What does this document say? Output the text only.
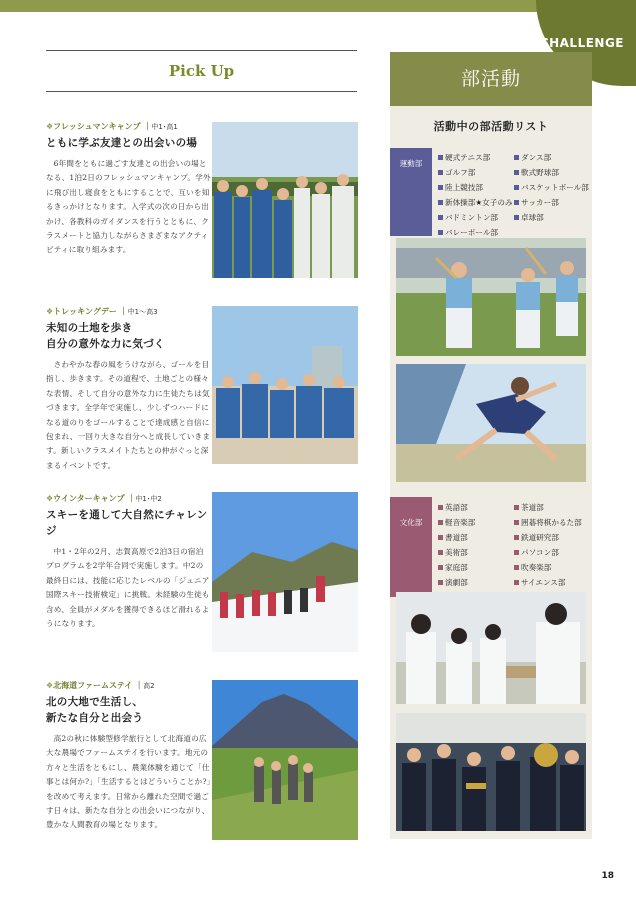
CHALLENGE
Pick Up
❖フレッシュマンキャンプ ｜中1･高1
ともに学ぶ友達との出会いの場
6年間をともに過ごす友達との出会いの場となる、1泊2日のフレッシュマンキャンプ。学外に飛び出し寝食をともにすることで、互いを知るきっかけとなります。入学式の次の日から出かけ、各教科のガイダンスを行うとともに、クラスメートと協力しながらさまざまなアクティビティに取り組みます。
❖トレッキングデー ｜中1〜高3
未知の土地を歩き
自分の意外な力に気づく
さわやかな春の風をうけながら、ゴールを目指し、歩きます。その道程で、土地ごとの様々な表情、そして自分の意外な力に生徒たちは気づきます。全学年で実施し、少しずつハードになる道のりをゴールすることで達成感と自信に包まれ、一回り大きな自分へと成長していきます。新しいクラスメイトたちとの仲がぐっと深まるイベントです。
❖ウインターキャンプ ｜中1･中2
スキーを通して大自然にチャレンジ
中1・2年の2月、志賀高原で2泊3日の宿泊プログラムを2学年合同で実施します。中2の最終日には、技能に応じたレベルの「ジュニア国際スキー技術検定」に挑戦。未経験の生徒も含め、全員がメダルを獲得できるほど滑れるようになります。
❖北海道ファームステイ ｜高2
北の大地で生活し、
新たな自分と出会う
高2の秋に体験型修学旅行として北海道の広大な農場でファームステイを行います。地元の方々と生活をともにし、農業体験を通じて「仕事とは何か?」「生活するとはどういうことか?」を改めて考えます。日常から離れた空間で過ごす日々は、新たな自分との出会いにつながり、豊かな人間教育の場となります。
部活動
活動中の部活動リスト
運動部
硬式テニス部	ダンス部
ゴルフ部	軟式野球部
陸上競技部	バスケットボール部
新体操部★女子のみ	サッカー部
バドミントン部	卓球部
バレーボール部
文化部
英語部	茶道部
軽音楽部	囲碁将棋かるた部
書道部	鉄道研究部
美術部	パソコン部
家庭部	吹奏楽部
演劇部	サイエンス部
18
